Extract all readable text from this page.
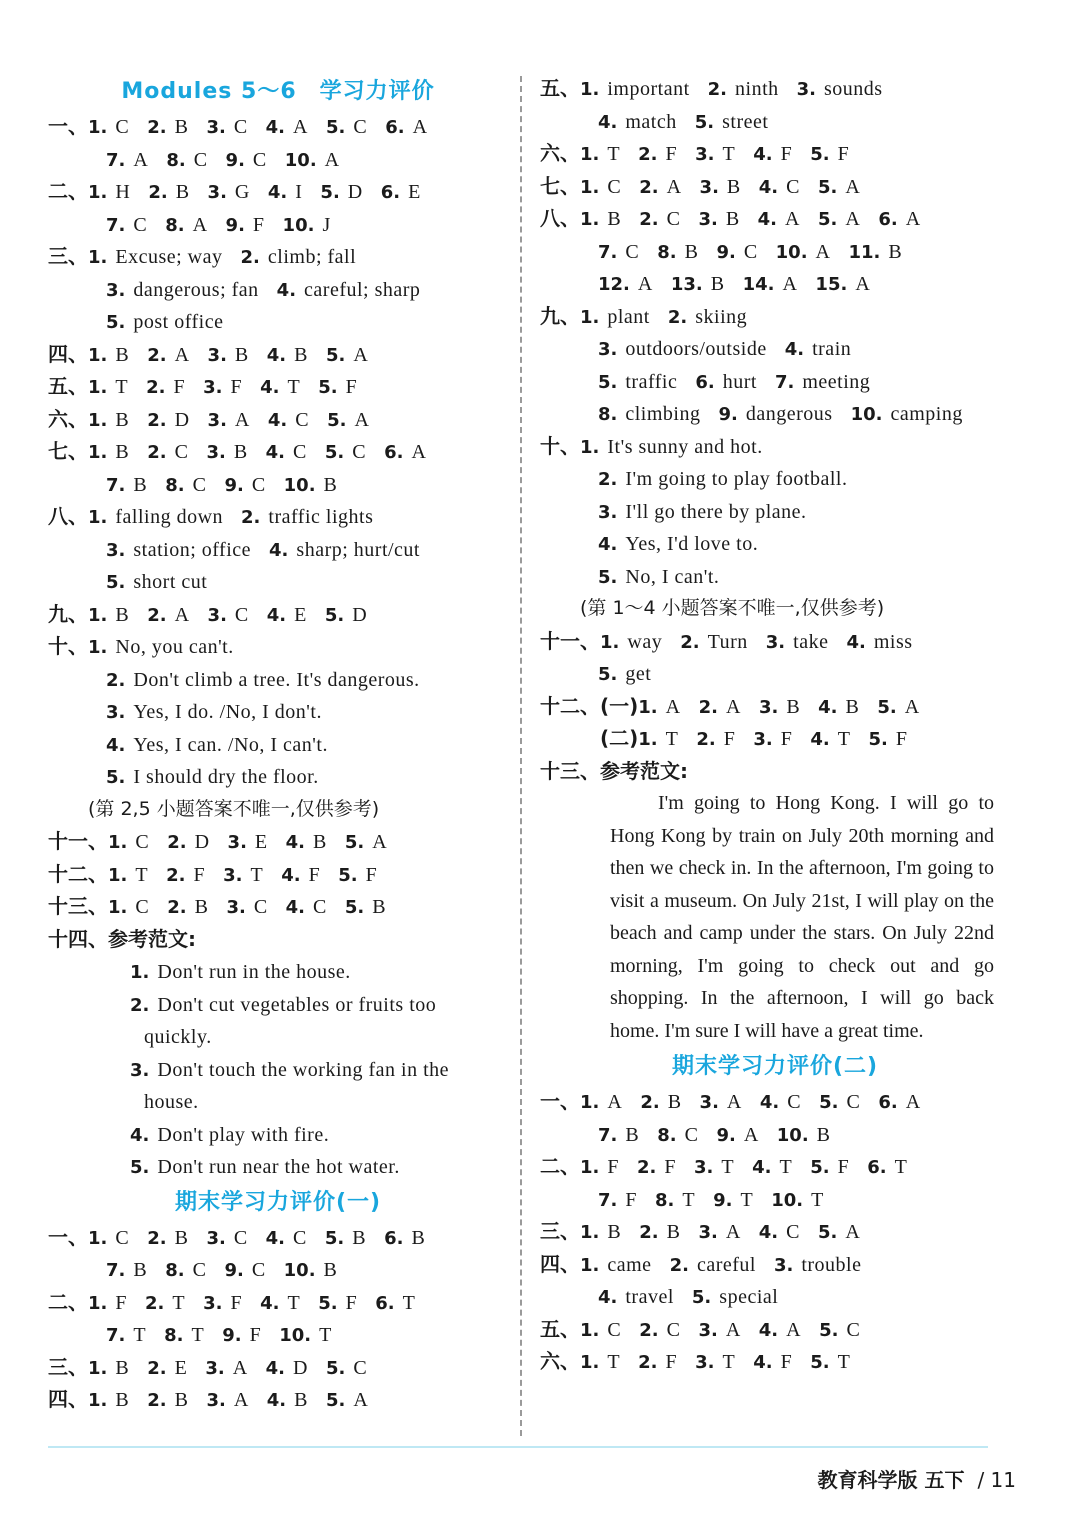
Modules 5～6　学习力评价
一、1. C 2. B 3. C 4. A 5. C 6. A
7. A 8. C 9. C 10. A
二、1. H 2. B 3. G 4. I 5. D 6. E
7. C 8. A 9. F 10. J
三、1. Excuse; way 2. climb; fall
3. dangerous; fan 4. careful; sharp
5. post office
四、1. B 2. A 3. B 4. B 5. A
五、1. T 2. F 3. F 4. T 5. F
六、1. B 2. D 3. A 4. C 5. A
七、1. B 2. C 3. B 4. C 5. C 6. A
7. B 8. C 9. C 10. B
八、1. falling down 2. traffic lights
3. station; office 4. sharp; hurt/cut
5. short cut
九、1. B 2. A 3. C 4. E 5. D
十、1. No, you can't.
2. Don't climb a tree. It's dangerous.
3. Yes, I do. /No, I don't.
4. Yes, I can. /No, I can't.
5. I should dry the floor.
(第 2,5 小题答案不唯一,仅供参考)
十一、1. C 2. D 3. E 4. B 5. A
十二、1. T 2. F 3. T 4. F 5. F
十三、1. C 2. B 3. C 4. C 5. B
十四、参考范文:
1. Don't run in the house.
2. Don't cut vegetables or fruits too
quickly.
3. Don't touch the working fan in the
house.
4. Don't play with fire.
5. Don't run near the hot water.
期末学习力评价(一)
一、1. C 2. B 3. C 4. C 5. B 6. B
7. B 8. C 9. C 10. B
二、1. F 2. T 3. F 4. T 5. F 6. T
7. T 8. T 9. F 10. T
三、1. B 2. E 3. A 4. D 5. C
四、1. B 2. B 3. A 4. B 5. A
五、1. important 2. ninth 3. sounds
4. match 5. street
六、1. T 2. F 3. T 4. F 5. F
七、1. C 2. A 3. B 4. C 5. A
八、1. B 2. C 3. B 4. A 5. A 6. A
7. C 8. B 9. C 10. A 11. B
12. A 13. B 14. A 15. A
九、1. plant 2. skiing
3. outdoors/outside 4. train
5. traffic 6. hurt 7. meeting
8. climbing 9. dangerous 10. camping
十、1. It's sunny and hot.
2. I'm going to play football.
3. I'll go there by plane.
4. Yes, I'd love to.
5. No, I can't.
(第 1～4 小题答案不唯一,仅供参考)
十一、1. way 2. Turn 3. take 4. miss
5. get
十二、(一)1. A 2. A 3. B 4. B 5. A
(二)1. T 2. F 3. F 4. T 5. F
十三、参考范文:
I'm going to Hong Kong. I will go to Hong Kong by train on July 20th morning and then we check in. In the afternoon, I'm going to visit a museum. On July 21st, I will play on the beach and camp under the stars. On July 22nd morning, I'm going to check out and go shopping. In the afternoon, I will go back home. I'm sure I will have a great time.
期末学习力评价(二)
一、1. A 2. B 3. A 4. C 5. C 6. A
7. B 8. C 9. A 10. B
二、1. F 2. F 3. T 4. T 5. F 6. T
7. F 8. T 9. T 10. T
三、1. B 2. B 3. A 4. C 5. A
四、1. came 2. careful 3. trouble
4. travel 5. special
五、1. C 2. C 3. A 4. A 5. C
六、1. T 2. F 3. T 4. F 5. T
教育科学版 五下 / 11
